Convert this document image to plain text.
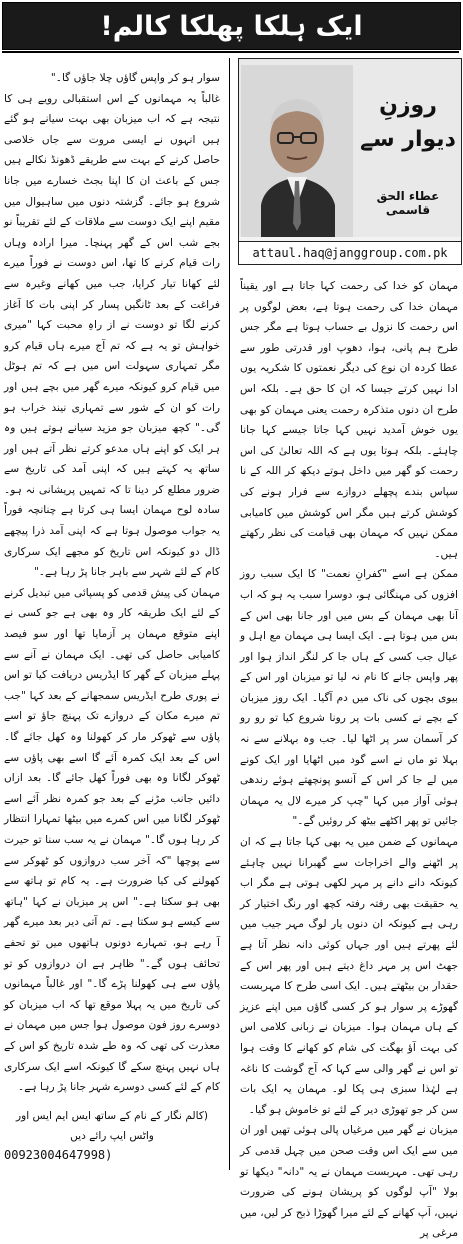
ایک ہلکا پھلکا کالم!
روزنِ دیوار سے
عطاء الحق قاسمی
attaul.haq@janggroup.com.pk

مہمان کو خدا کی رحمت کہا جاتا ہے اور یقیناً مہمان خدا کی رحمت ہوتا ہے، بعض لوگوں پر اس رحمت کا نزول بے حساب ہوتا ہے مگر جس طرح ہم پانی، ہوا، دھوپ اور قدرتی طور سے عطا کردہ ان نوع کی دیگر نعمتوں کا شکریہ یوں ادا نہیں کرتے جیسا کہ ان کا حق ہے۔ بلکہ اس طرح ان دنوں متذکرہ رحمت یعنی مہمان کو بھی یوں خوش آمدید نہیں کہا جاتا جیسے کہا جانا چاہئے۔ بلکہ ہوتا یوں ہے کہ اللہ تعالیٰ کی اس رحمت کو گھر میں داخل ہوتے دیکھ کر اللہ کے نا سپاس بندے پچھلے دروازے سے فرار ہونے کی کوشش کرتے ہیں مگر اس کوشش میں کامیابی ممکن نہیں کہ مہمان بھی قیامت کی نظر رکھتے ہیں۔

ممکن ہے اسے "کفرانِ نعمت" کا ایک سبب روز افزوں کی مہنگائی ہو، دوسرا سبب یہ ہو کہ اب آنا بھی مہمان کے بس میں اور جانا بھی اس کے بس میں ہوتا ہے۔ ایک ایسا ہی مہمان مع اہل و عیال جب کسی کے ہاں جا کر لنگر انداز ہوا اور پھر واپس جانے کا نام نہ لیا تو میزبان اور اس کے بیوی بچوں کی ناک میں دم آگیا۔ ایک روز میزبان کے بچے نے کسی بات پر رونا شروع کیا تو رو رو کر آسمان سر پر اٹھا لیا۔ جب وہ بہلانے سے نہ بہلا تو ماں نے اسے گود میں اٹھایا اور ایک کونے میں لے جا کر اس کے آنسو پونچھتے ہوئے رندھی ہوئی آواز میں کہا "چپ کر میرے لال یہ مہمان جائیں تو پھر اکٹھے بیٹھ کر روئیں گے۔"

مہمانوں کے ضمن میں یہ بھی کہا جاتا ہے کہ ان پر اٹھنے والے اخراجات سے گھبرانا نہیں چاہئے کیونکہ دانے دانے پر مہر لکھی ہوتی ہے مگر اب یہ حقیقت بھی رفتہ رفتہ کچھ اور رنگ اختیار کر رہی ہے کیونکہ ان دنوں یار لوگ مہر جیب میں لئے پھرتے ہیں اور جہاں کوئی دانہ نظر آتا ہے جھٹ اس پر مہر داغ دیتے ہیں اور پھر اس کے حقدار بن بیٹھتے ہیں۔ ایک اسی طرح کا مہربست گھوڑے پر سوار ہو کر کسی گاؤں میں اپنے عزیز کے ہاں مہمان ہوا۔ میزبان نے زبانی کلامی اس کی بہت آؤ بھگت کی شام کو کھانے کا وقت ہوا تو اس نے گھر والی سے کہا کہ آج گوشت کا ناغہ ہے لہٰذا سبزی ہی پکا لو۔ مہمان یہ ایک بات سن کر جو تھوڑی دیر کے لئے تو خاموش ہو گیا۔

میزبان نے گھر میں مرغیاں پالی ہوئی تھیں اور ان میں سے ایک اس وقت صحن میں چہل قدمی کر رہی تھی۔ مہربست مہمان نے یہ "دانہ" دیکھا تو بولا "آپ لوگوں کو پریشان ہونے کی ضرورت نہیں، آپ کھانے کے لئے میرا گھوڑا ذبح کر لیں، میں مرغی پر

سوار ہو کر واپس گاؤں چلا جاؤں گا۔"

غالباً یہ مہمانوں کے اس استقبالی رویے ہی کا نتیجہ ہے کہ اب میزبان بھی بہت سیانے ہو گئے ہیں انہوں نے ایسی مروت سے جاں خلاصی حاصل کرنے کے بہت سے طریقے ڈھونڈ نکالے ہیں جس کے باعث ان کا اپنا بجٹ خسارے میں جانا شروع ہو جائے۔ گزشتہ دنوں میں ساہیوال میں مقیم اپنے ایک دوست سے ملاقات کے لئے تقریباً نو بجے شب اس کے گھر پہنچا۔ میرا ارادہ وہاں رات قیام کرنے کا تھا، اس دوست نے فوراً میرے لئے کھانا تیار کرایا، جب میں کھانے وغیرہ سے فراغت کے بعد ٹانگیں پسار کر اپنی بات کا آغاز کرنے لگا تو دوست نے از راہِ محبت کہا "میری خواہش تو یہ ہے کہ تم آج میرے ہاں قیام کرو مگر تمہاری سہولت اس میں ہے کہ تم ہوٹل میں قیام کرو کیونکہ میرے گھر میں بچے ہیں اور رات کو ان کے شور سے تمہاری نیند خراب ہو گی۔" کچھ میزبان جو مزید سیانے ہوتے ہیں وہ ہر ایک کو اپنے ہاں مدعو کرتے نظر آتے ہیں اور ساتھ یہ کہتے ہیں کہ اپنی آمد کی تاریخ سے ضرور مطلع کر دینا تا کہ تمہیں پریشانی نہ ہو۔ سادہ لوح مہمان ایسا ہی کرتا ہے چنانچہ فوراً یہ جواب موصول ہوتا ہے کہ اپنی آمد ذرا پیچھے ڈال دو کیونکہ اس تاریخ کو مجھے ایک سرکاری کام کے لئے شہر سے باہر جانا پڑ رہا ہے۔"

مہمان کی پیش قدمی کو پسپائی میں تبدیل کرنے کے لئے ایک طریقہ کار وہ بھی ہے جو کسی نے اپنے متوقع مہمان پر آزمایا تھا اور سو فیصد کامیابی حاصل کی تھی۔ ایک مہمان نے آنے سے پہلے میزبان کے گھر کا ایڈریس دریافت کیا تو اس نے پوری طرح ایڈریس سمجھانے کے بعد کہا "جب تم میرے مکان کے دروازے تک پہنچ جاؤ تو اسے پاؤں سے ٹھوکر مار کر کھولنا وہ کھل جائے گا۔ اس کے بعد ایک کمرہ آئے گا اسے بھی پاؤں سے ٹھوکر لگانا وہ بھی فوراً کھل جائے گا۔ بعد ازاں دائیں جانب مڑنے کے بعد جو کمرہ نظر آئے اسے ٹھوکر لگانا میں اس کمرے میں بیٹھا تمہارا انتظار کر رہا ہوں گا۔" مہمان نے یہ سب سنا تو حیرت سے پوچھا "کہ آخر سب دروازوں کو ٹھوکر سے کھولنے کی کیا ضرورت ہے۔ یہ کام تو ہاتھ سے بھی ہو سکتا ہے۔" اس پر میزبان نے کہا "ہاتھ سے کیسے ہو سکتا ہے۔ تم آتی دیر بعد میرے گھر آ رہے ہو، تمہارے دونوں ہاتھوں میں تو تحفے تحائف ہوں گے۔" ظاہر ہے ان دروازوں کو تو پاؤں سے ہی کھولنا پڑے گا۔" اور غالباً مہمانوں کی تاریخ میں یہ پہلا موقع تھا کہ اب میزبان کو دوسرے روز فون موصول ہوا جس میں مہمان نے معذرت کی تھی کہ وہ طے شدہ تاریخ کو اس کے ہاں نہیں پہنچ سکے گا کیونکہ اسے ایک سرکاری کام کے لئے کسی دوسرے شہر جانا پڑ رہا ہے۔

(کالم نگار کے نام کے ساتھ ایس ایم ایس اور واٹس ایپ رائے دیں
00923004647998)
